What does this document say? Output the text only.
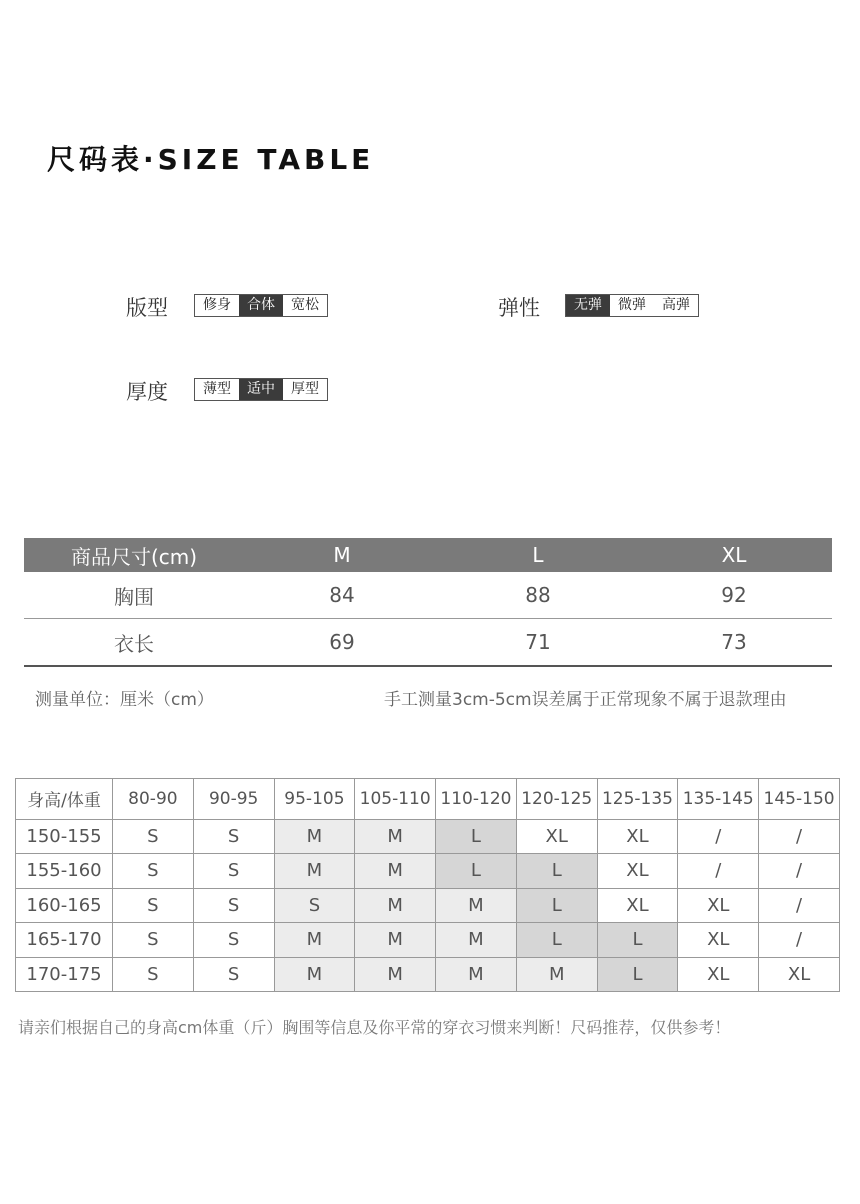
尺码表·SIZE TABLE
版型	修身	合体	宽松	弹性	无弹	微弹	高弹
厚度	薄型	适中	厚型
商品尺寸(cm)	M	L	XL
胸围	84	88	92
衣长	69	71	73
测量单位：厘米（cm）	手工测量3cm-5cm误差属于正常现象不属于退款理由
身高/体重	80-90	90-95	95-105	105-110	110-120	120-125	125-135	135-145	145-150
150-155	S	S	M	M	L	XL	XL	/	/
155-160	S	S	M	M	L	L	XL	/	/
160-165	S	S	S	M	M	L	XL	XL	/
165-170	S	S	M	M	M	L	L	XL	/
170-175	S	S	M	M	M	M	L	XL	XL
请亲们根据自己的身高cm体重（斤）胸围等信息及你平常的穿衣习惯来判断！尺码推荐，仅供参考！
